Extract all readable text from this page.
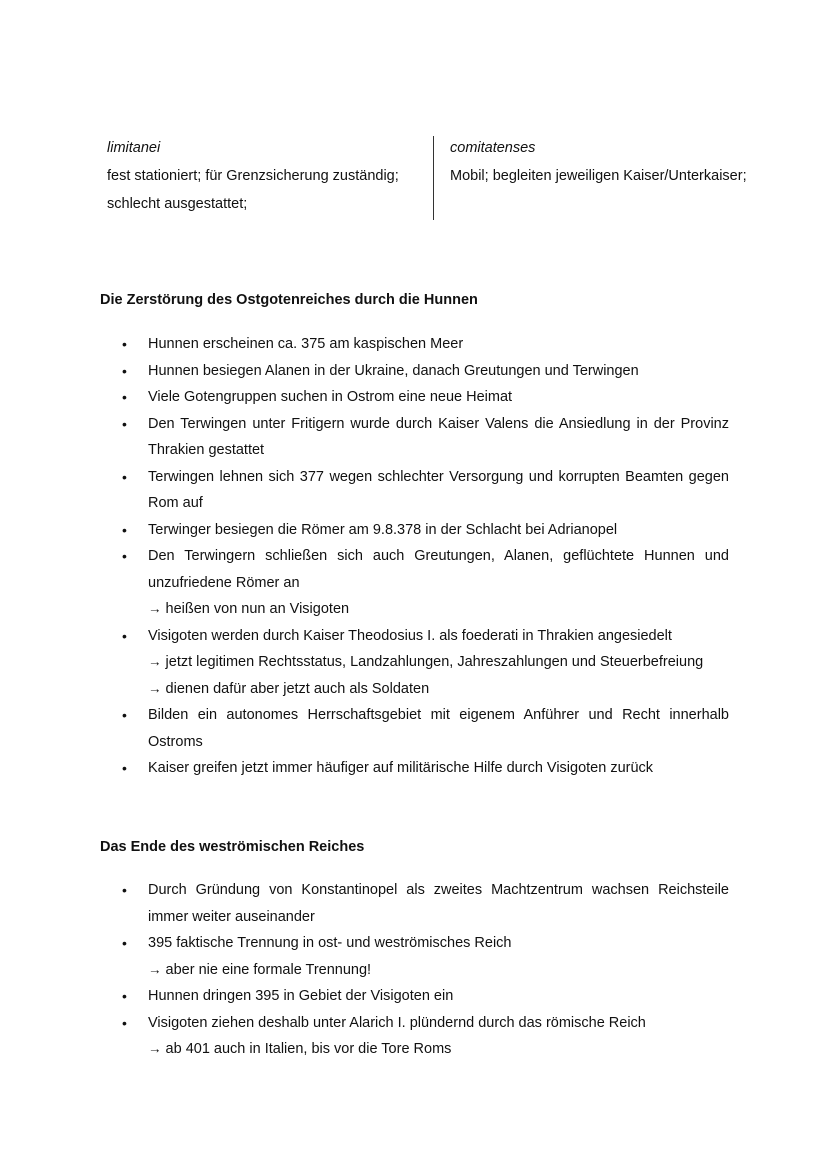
limitanei
fest stationiert; für Grenzsicherung zuständig;
schlecht ausgestattet;
comitatenses
Mobil; begleiten jeweiligen Kaiser/Unterkaiser;
Die Zerstörung des Ostgotenreiches durch die Hunnen
• Hunnen erscheinen ca. 375 am kaspischen Meer
• Hunnen besiegen Alanen in der Ukraine, danach Greutungen und Terwingen
• Viele Gotengruppen suchen in Ostrom eine neue Heimat
• Den Terwingen unter Fritigern wurde durch Kaiser Valens die Ansiedlung in der Provinz Thrakien gestattet
• Terwingen lehnen sich 377 wegen schlechter Versorgung und korrupten Beamten gegen Rom auf
• Terwinger besiegen die Römer am 9.8.378 in der Schlacht bei Adrianopel
• Den Terwingern schließen sich auch Greutungen, Alanen, geflüchtete Hunnen und unzufriedene Römer an
→ heißen von nun an Visigoten
• Visigoten werden durch Kaiser Theodosius I. als foederati in Thrakien angesiedelt
→ jetzt legitimen Rechtsstatus, Landzahlungen, Jahreszahlungen und Steuerbefreiung
→ dienen dafür aber jetzt auch als Soldaten
• Bilden ein autonomes Herrschaftsgebiet mit eigenem Anführer und Recht innerhalb Ostroms
• Kaiser greifen jetzt immer häufiger auf militärische Hilfe durch Visigoten zurück
Das Ende des weströmischen Reiches
• Durch Gründung von Konstantinopel als zweites Machtzentrum wachsen Reichsteile immer weiter auseinander
• 395 faktische Trennung in ost- und weströmisches Reich
→ aber nie eine formale Trennung!
• Hunnen dringen 395 in Gebiet der Visigoten ein
• Visigoten ziehen deshalb unter Alarich I. plündernd durch das römische Reich
→ ab 401 auch in Italien, bis vor die Tore Roms
